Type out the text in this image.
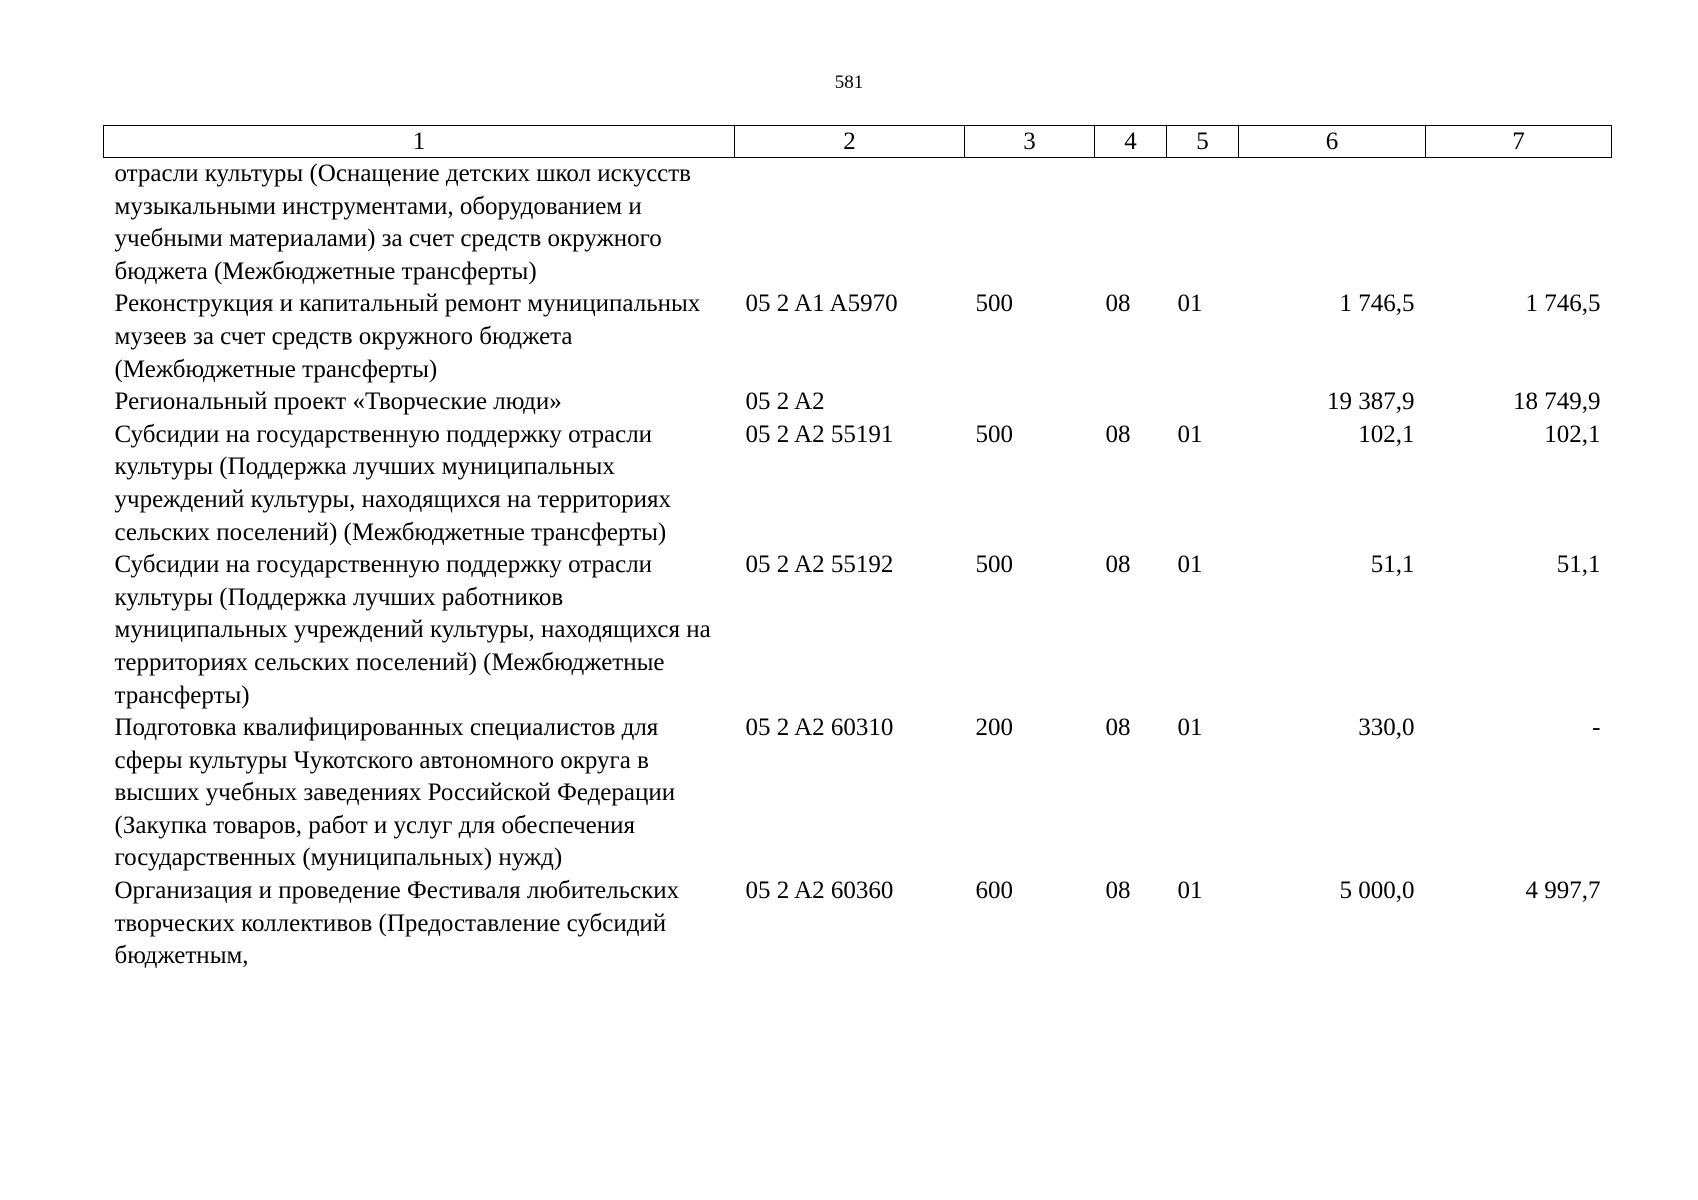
581
1	2	3	4	5	6	7
отрасли культуры (Оснащение детских школ искусств музыкальными инструментами, оборудованием и учебными материалами) за счет средств окружного бюджета (Межбюджетные трансферты)						
Реконструкция и капитальный ремонт муниципальных музеев за счет средств окружного бюджета (Межбюджетные трансферты)	05 2 A1 A5970	500	08	01	1 746,5	1 746,5
Региональный проект «Творческие люди»	05 2 A2				19 387,9	18 749,9
Субсидии на государственную поддержку отрасли культуры (Поддержка лучших муниципальных учреждений культуры, находящихся на территориях сельских поселений) (Межбюджетные трансферты)	05 2 A2 55191	500	08	01	102,1	102,1
Субсидии на государственную поддержку отрасли культуры (Поддержка лучших работников муниципальных учреждений культуры, находящихся на территориях сельских поселений) (Межбюджетные трансферты)	05 2 A2 55192	500	08	01	51,1	51,1
Подготовка квалифицированных специалистов для сферы культуры Чукотского автономного округа в высших учебных заведениях Российской Федерации (Закупка товаров, работ и услуг для обеспечения государственных (муниципальных) нужд)	05 2 A2 60310	200	08	01	330,0	-
Организация и проведение Фестиваля любительских творческих коллективов (Предоставление субсидий бюджетным,	05 2 A2 60360	600	08	01	5 000,0	4 997,7
